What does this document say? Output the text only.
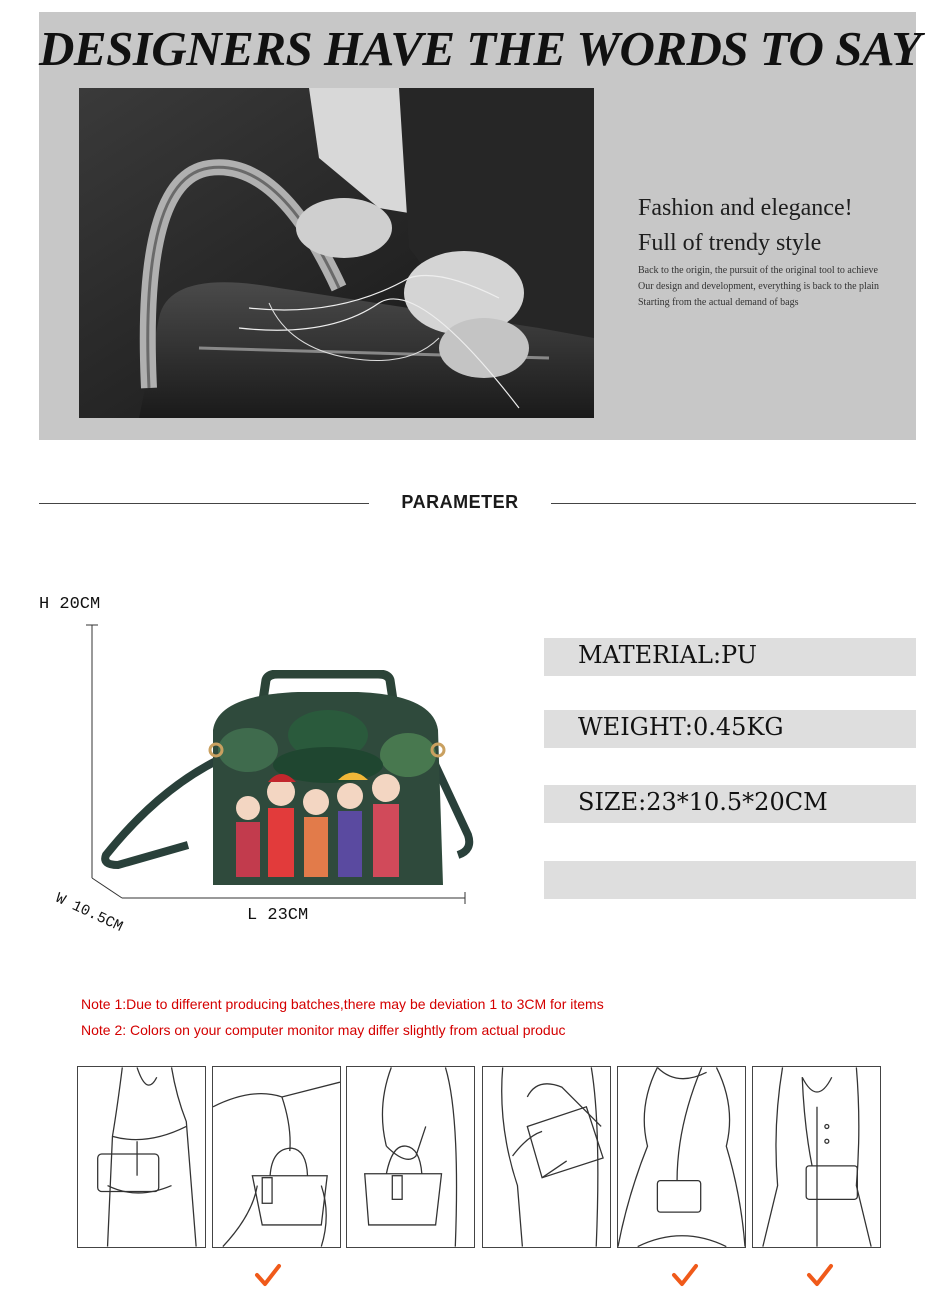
DESIGNERS HAVE THE WORDS TO SAY
Fashion and elegance!
Full of trendy style
Back to the origin, the pursuit of the original tool to achieve
Our design and development, everything is back to the plain
Starting from the actual demand of bags
PARAMETER
H 20CM
W 10.5CM	L 23CM
MATERIAL:PU
WEIGHT:0.45KG
SIZE:23*10.5*20CM
Note 1:Due to different producing batches,there may be deviation 1 to 3CM for items
Note 2: Colors on your computer monitor may differ slightly from actual produc
